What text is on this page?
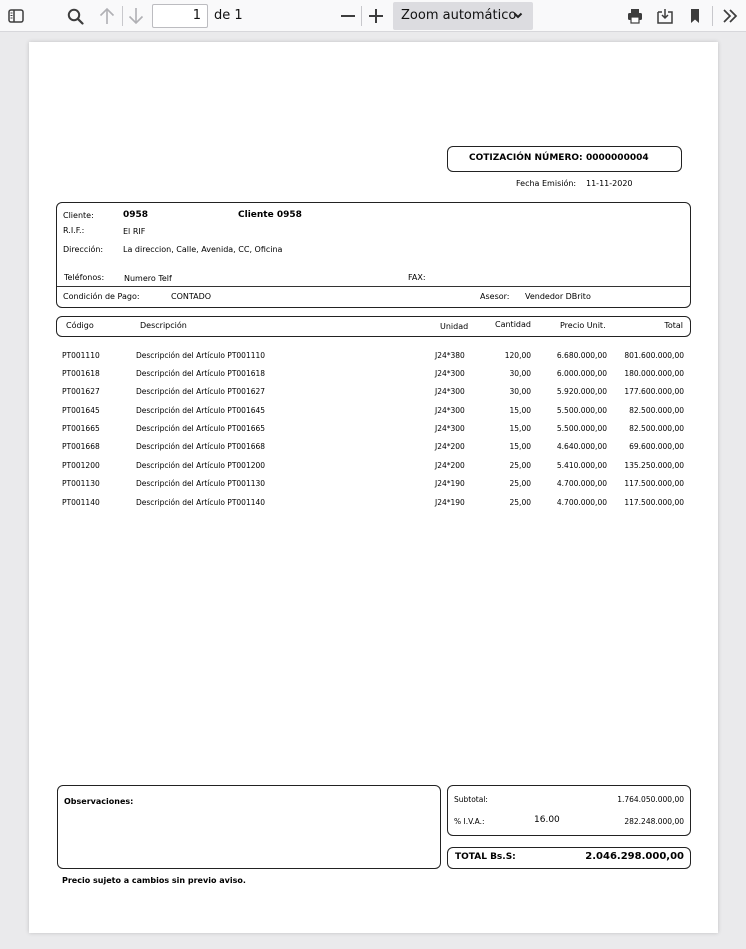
1	de 1	Zoom automático
COTIZACIÓN NÚMERO: 0000000004
Fecha Emisión: 11-11-2020
Cliente:	0958	Cliente 0958
R.I.F.:	El RIF
Dirección: La direccion, Calle, Avenida, CC, Oficina
Teléfonos: Numero Telf	FAX:
Condición de Pago:	CONTADO	Asesor: Vendedor DBrito
Código	Descripción	Unidad	Cantidad	Precio Unit.	Total
PT001110	Descripción del Artículo PT001110	J24*380	120,00	6.680.000,00	801.600.000,00
PT001618	Descripción del Artículo PT001618	J24*300	30,00	6.000.000,00	180.000.000,00
PT001627	Descripción del Artículo PT001627	J24*300	30,00	5.920.000,00	177.600.000,00
PT001645	Descripción del Artículo PT001645	J24*300	15,00	5.500.000,00	82.500.000,00
PT001665	Descripción del Artículo PT001665	J24*300	15,00	5.500.000,00	82.500.000,00
PT001668	Descripción del Artículo PT001668	J24*200	15,00	4.640.000,00	69.600.000,00
PT001200	Descripción del Artículo PT001200	J24*200	25,00	5.410.000,00	135.250.000,00
PT001130	Descripción del Artículo PT001130	J24*190	25,00	4.700.000,00	117.500.000,00
PT001140	Descripción del Artículo PT001140	J24*190	25,00	4.700.000,00	117.500.000,00
Observaciones:	Subtotal:	1.764.050.000,00
% I.V.A.:	16.00	282.248.000,00
TOTAL Bs.S:	2.046.298.000,00
Precio sujeto a cambios sin previo aviso.
